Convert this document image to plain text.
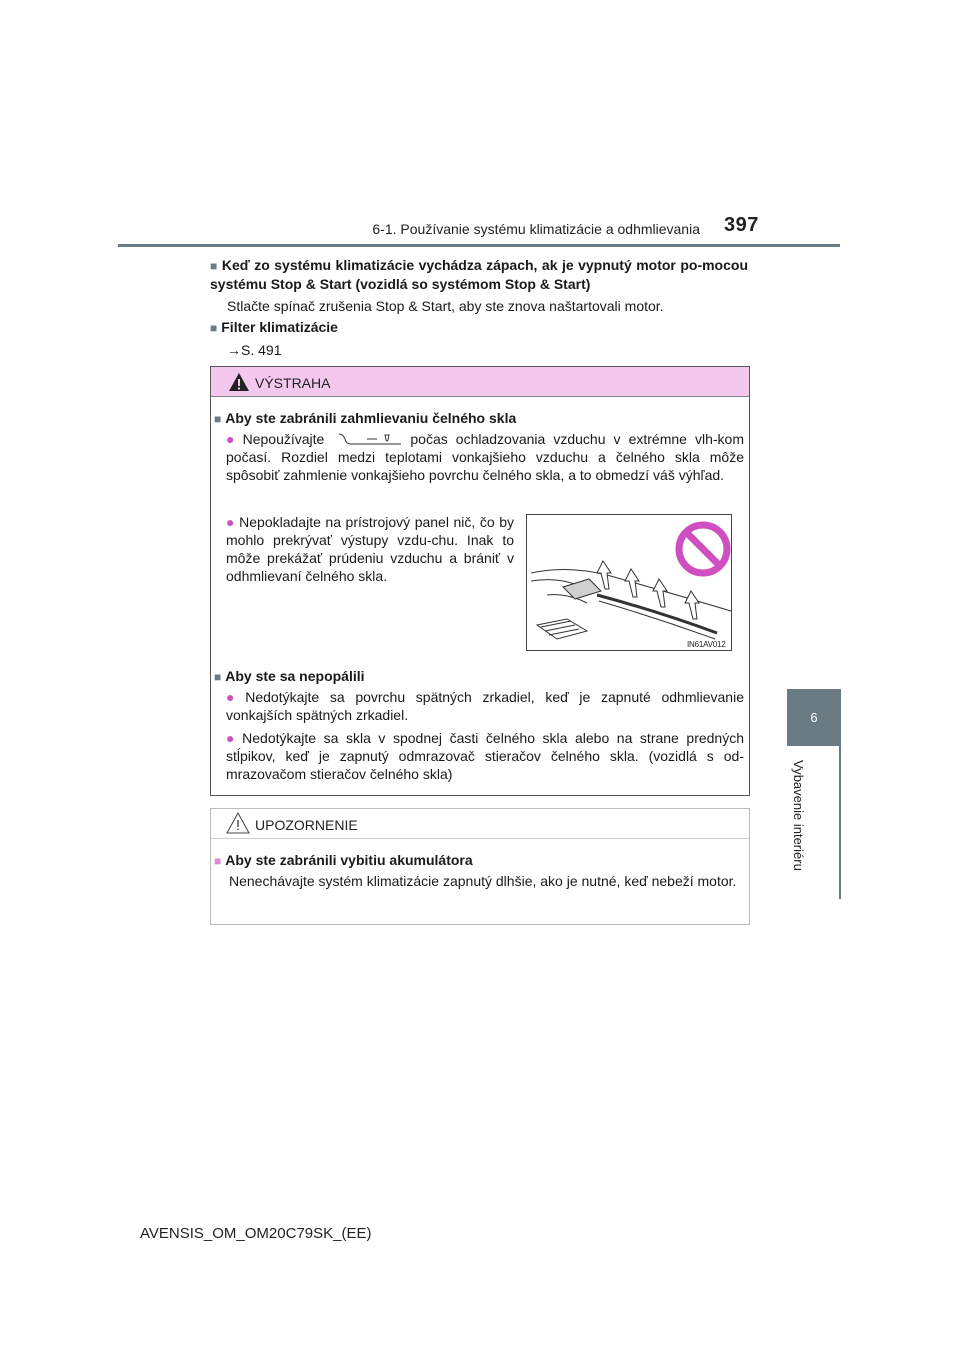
6-1. Používanie systému klimatizácie a odhmlievania 397
6
Vybavenie interiéru
■ Keď zo systému klimatizácie vychádza zápach, ak je vypnutý motor po-mocou systému Stop & Start (vozidlá so systémom Stop & Start)
Stlačte spínač zrušenia Stop & Start, aby ste znova naštartovali motor.
■ Filter klimatizácie
→S. 491
VÝSTRAHA
■ Aby ste zabránili zahmlievaniu čelného skla
● Nepoužívajte	počas ochladzovania vzduchu v extrémne vlh-kom počasí. Rozdiel medzi teplotami vonkajšieho vzduchu a čelného skla môže spôsobiť zahmlenie vonkajšieho povrchu čelného skla, a to obmedzí váš výhľad.
● Nepokladajte na prístrojový panel nič, čo by mohlo prekrývať výstupy vzdu-chu. Inak to môže prekážať prúdeniu vzduchu a brániť v odhmlievaní čelného skla.
■ Aby ste sa nepopálili
● Nedotýkajte sa povrchu spätných zrkadiel, keď je zapnuté odhmlievanie vonkajších spätných zrkadiel.
● Nedotýkajte sa skla v spodnej časti čelného skla alebo na strane predných stĺpikov, keď je zapnutý odmrazovač stieračov čelného skla. (vozidlá s od-mrazovačom stieračov čelného skla)
IN61AV012
UPOZORNENIE
■ Aby ste zabránili vybitiu akumulátora
Nenechávajte systém klimatizácie zapnutý dlhšie, ako je nutné, keď nebeží motor.
AVENSIS_OM_OM20C79SK_(EE)
